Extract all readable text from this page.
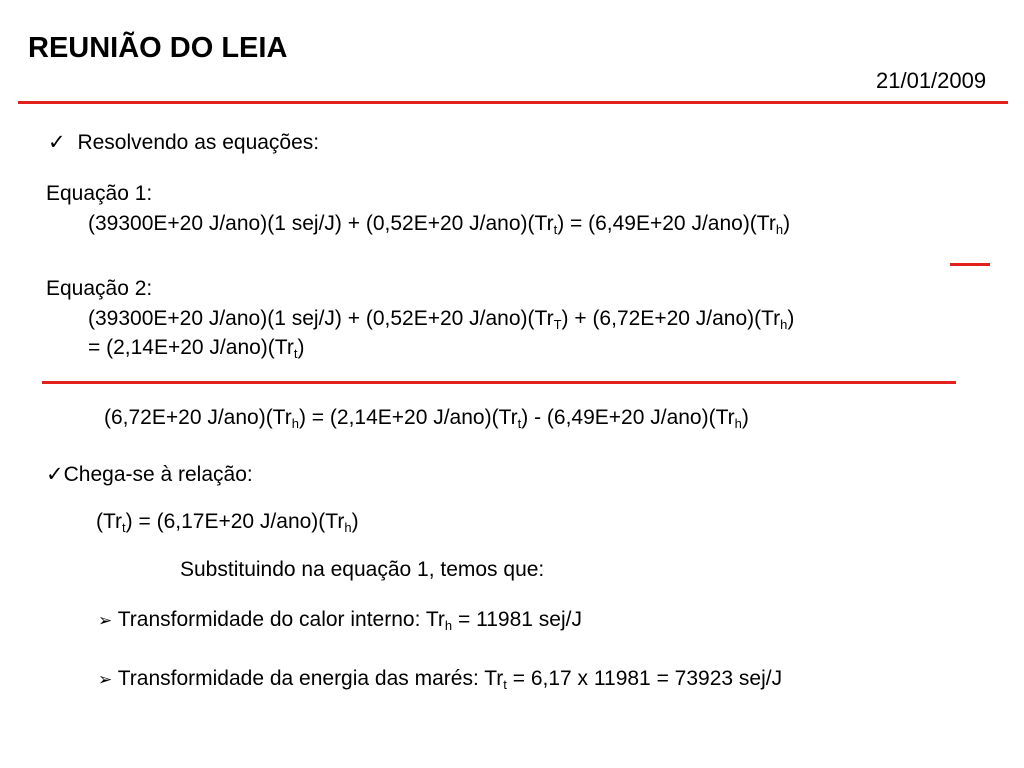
REUNIÃO DO LEIA
21/01/2009
✓ Resolvendo as equações:
Equação 1:
(39300E+20 J/ano)(1 sej/J) + (0,52E+20 $J/ano)(Tr_t) = (6,49E+20$ $J/ano)(Tr_h)$
Equação 2:
(39300E+20 J/ano)(1 sej/J) + (0,52E+20 $J/ano)(Tr_T) + (6,72E+20$ $J/ano)(Tr_h)$
= (2,14E+20 $J/ano)(Tr_t)$
(6,72E+20 $J/ano)(Tr_h) = (2,14E+20$ $J/ano)(Tr_t) - (6,49E+20$ $J/ano)(Tr_h)$
✓Chega-se à relação:
$(Tr_t) = (6,17E+20$ $J/ano)(Tr_h)$
Substituindo na equação 1, temos que:
➢ Transformidade do calor interno: $Tr_h = 11981$ sej/J
➢ Transformidade da energia das marés: $Tr_t = 6,17$ x 11981 = 73923 sej/J
